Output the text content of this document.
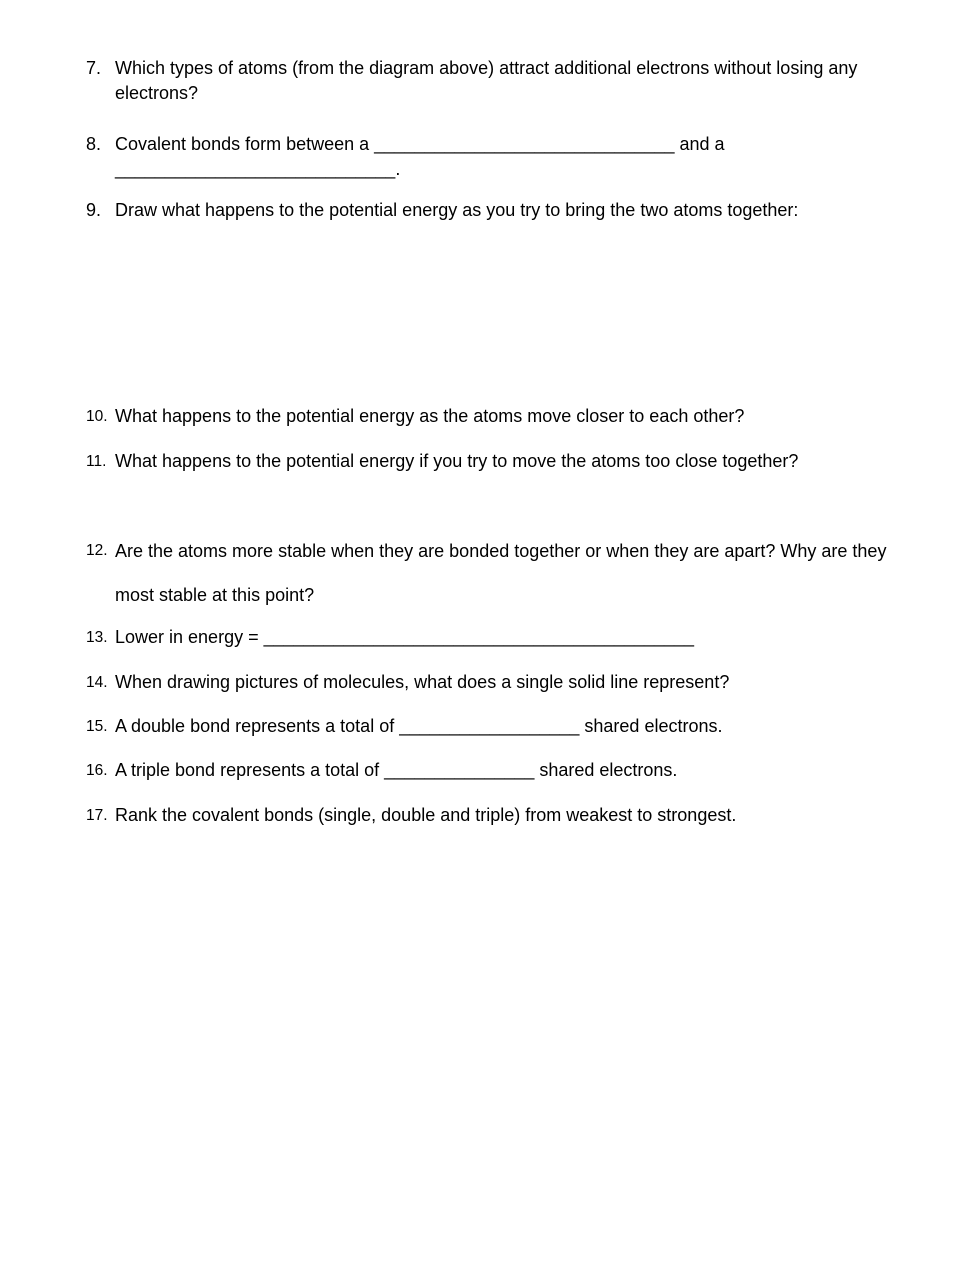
7. Which types of atoms (from the diagram above) attract additional electrons without losing any electrons?
8. Covalent bonds form between a ______________________________ and a ____________________________.
9. Draw what happens to the potential energy as you try to bring the two atoms together:
10. What happens to the potential energy as the atoms move closer to each other?
11. What happens to the potential energy if you try to move the atoms too close together?
12. Are the atoms more stable when they are bonded together or when they are apart? Why are they most stable at this point?
13. Lower in energy = ___________________________________________
14. When drawing pictures of molecules, what does a single solid line represent?
15. A double bond represents a total of __________________ shared electrons.
16. A triple bond represents a total of _______________ shared electrons.
17. Rank the covalent bonds (single, double and triple) from weakest to strongest.
